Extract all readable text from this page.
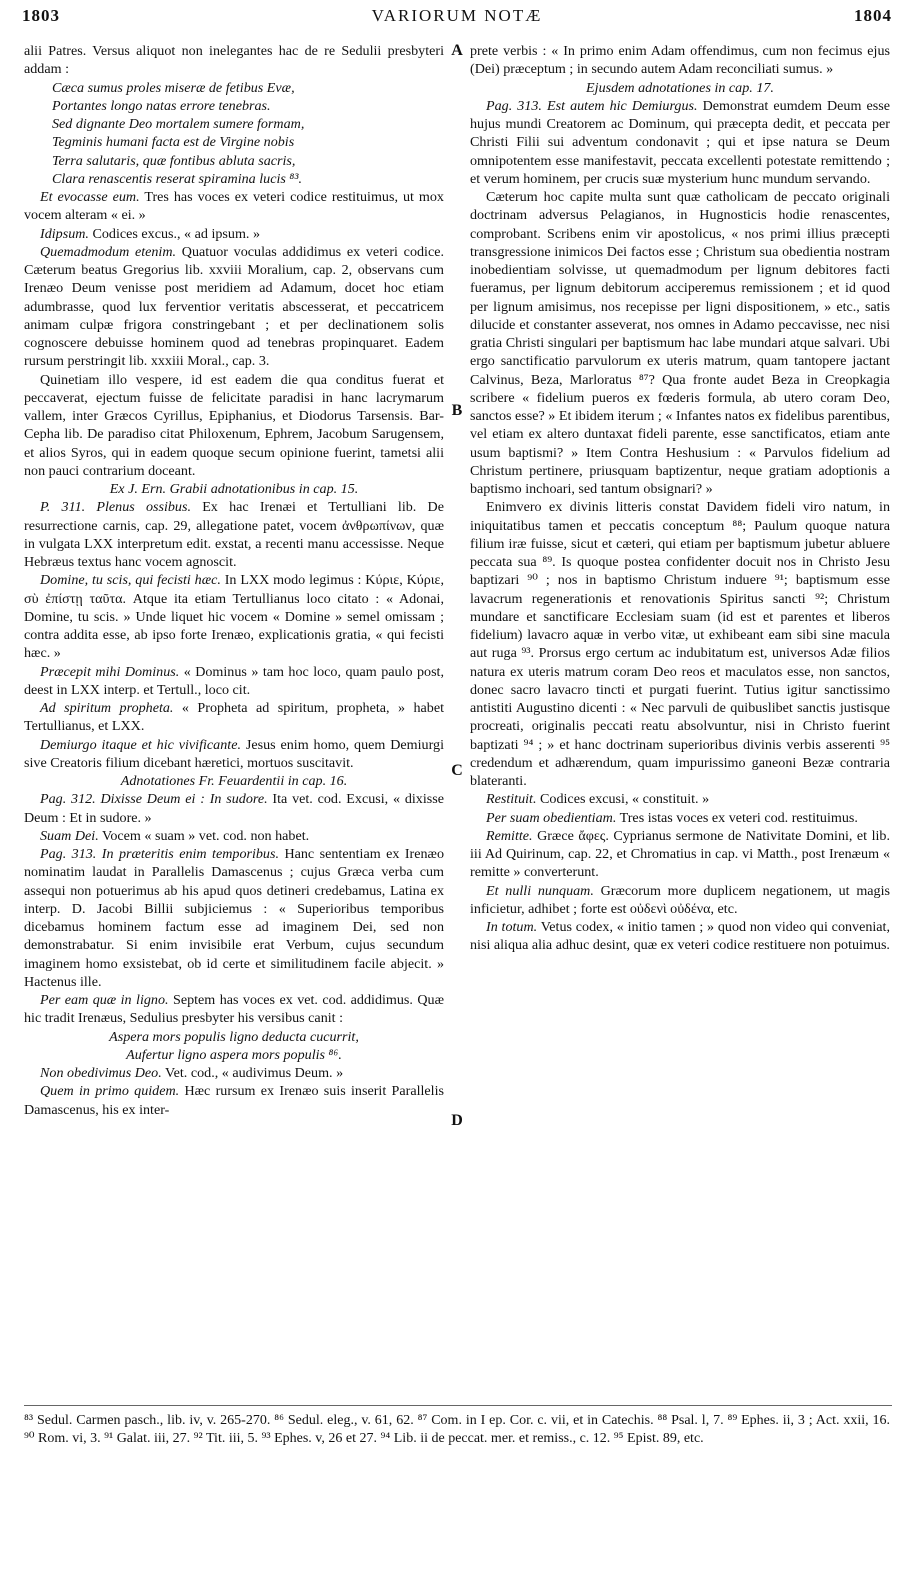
1803	VARIORUM NOTÆ	1804

alii Patres. Versus aliquot non inelegantes hac de re Sedulii presbyteri addam :

Cæca sumus proles miseræ de fetibus Evæ,

Portantes longo natas errore tenebras.

Sed dignante Deo mortalem sumere formam,

Tegminis humani facta est de Virgine nobis

Terra salutaris, quæ fontibus abluta sacris,

Clara renascentis reserat spiramina lucis ⁸³.

Et evocasse eum. Tres has voces ex veteri codice restituimus, ut mox vocem alteram « ei. »

Idipsum. Codices excus., « ad ipsum. »

Quemadmodum etenim. Quatuor voculas addidimus ex veteri codice. Cæterum beatus Gregorius lib. xxviii Moralium, cap. 2, observans cum Irenæo Deum venisse post meridiem ad Adamum, docet hoc etiam adumbrasse, quod lux ferventior veritatis abscesserat, et peccatricem animam culpæ frigora constringebant ; et per declinationem solis cognoscere debuisse hominem quod ad tenebras propinquaret. Eadem rursum perstringit lib. xxxiii Moral., cap. 3.

Quinetiam illo vespere, id est eadem die qua conditus fuerat et peccaverat, ejectum fuisse de felicitate paradisi in hanc lacrymarum vallem, inter Græcos Cyrillus, Epiphanius, et Diodorus Tarsensis. Bar-Cepha lib. De paradiso citat Philoxenum, Ephrem, Jacobum Sarugensem, et alios Syros, qui in eadem quoque secum opinione fuerint, tametsi alii non pauci contrarium doceant.

Ex J. Ern. Grabii adnotationibus in cap. 15.

P. 311. Plenus ossibus. Ex hac Irenæi et Tertulliani lib. De resurrectione carnis, cap. 29, allegatione patet, vocem ἀνθρωπίνων, quæ in vulgata LXX interpretum edit. exstat, a recenti manu accessisse. Neque Hebræus textus hanc vocem agnoscit.

Domine, tu scis, qui fecisti hæc. In LXX modo legimus : Κύριε, Κύριε, σὺ ἐπίστῃ ταῦτα. Atque ita etiam Tertullianus loco citato : « Adonai, Domine, tu scis. » Unde liquet hic vocem « Domine » semel omissam ; contra addita esse, ab ipso forte Irenæo, explicationis gratia, « qui fecisti hæc. »

Præcepit mihi Dominus. « Dominus » tam hoc loco, quam paulo post, deest in LXX interp. et Tertull., loco cit.

Ad spiritum propheta. « Propheta ad spiritum, propheta, » habet Tertullianus, et LXX.

Demiurgo itaque et hic vivificante. Jesus enim homo, quem Demiurgi sive Creatoris filium dicebant hæretici, mortuos suscitavit.

Adnotationes Fr. Feuardentii in cap. 16.

Pag. 312. Dixisse Deum ei : In sudore. Ita vet. cod. Excusi, « dixisse Deum : Et in sudore. »

Suam Dei. Vocem « suam » vet. cod. non habet.

Pag. 313. In præteritis enim temporibus. Hanc sententiam ex Irenæo nominatim laudat in Parallelis Damascenus ; cujus Græca verba cum assequi non potuerimus ab his apud quos detineri credebamus, Latina ex interp. D. Jacobi Billii subjiciemus : « Superioribus temporibus dicebamus hominem factum esse ad imaginem Dei, sed non demonstrabatur. Si enim invisibile erat Verbum, cujus secundum imaginem homo exsistebat, ob id certe et similitudinem facile abjecit. » Hactenus ille.

Per eam quæ in ligno. Septem has voces ex vet. cod. addidimus. Quæ hic tradit Irenæus, Sedulius presbyter his versibus canit :

Aspera mors populis ligno deducta cucurrit,

Aufertur ligno aspera mors populis ⁸⁶.

Non obedivimus Deo. Vet. cod., « audivimus Deum. »

Quem in primo quidem. Hæc rursum ex Irenæo suis inserit Parallelis Damascenus, his ex inter-

prete verbis : « In primo enim Adam offendimus, cum non fecimus ejus (Dei) præceptum ; in secundo autem Adam reconciliati sumus. »

Ejusdem adnotationes in cap. 17.

Pag. 313. Est autem hic Demiurgus. Demonstrat eumdem Deum esse hujus mundi Creatorem ac Dominum, qui præcepta dedit, et peccata per Christi Filii sui adventum condonavit ; qui et ipse natura se Deum omnipotentem esse manifestavit, peccata excellenti potestate remittendo ; et verum hominem, per crucis suæ mysterium hunc mundum servando.

Cæterum hoc capite multa sunt quæ catholicam de peccato originali doctrinam adversus Pelagianos, in Hugnosticis hodie renascentes, comprobant. Scribens enim vir apostolicus, « nos primi illius præcepti transgressione inimicos Dei factos esse ; Christum sua obedientia nostram inobedientiam solvisse, ut quemadmodum per lignum debitores facti fueramus, per lignum debitorum acciperemus remissionem ; et id quod per lignum amisimus, nos recepisse per ligni dispositionem, » etc., satis dilucide et constanter asseverat, nos omnes in Adamo peccavisse, nec nisi gratia Christi singulari per baptismum hac labe mundari atque salvari. Ubi ergo sanctificatio parvulorum ex uteris matrum, quam tantopere jactant Calvinus, Beza, Marloratus ⁸⁷? Qua fronte audet Beza in Creopkagia scribere « fidelium pueros ex fœderis formula, ab utero coram Deo, sanctos esse? » Et ibidem iterum ; « Infantes natos ex fidelibus parentibus, vel etiam ex altero duntaxat fideli parente, esse sanctificatos, etiam ante usum baptismi? » Item Contra Heshusium : « Parvulos fidelium ad Christum pertinere, priusquam baptizentur, neque gratiam adoptionis a baptismo inchoari, sed tantum obsignari? »

Enimvero ex divinis litteris constat Davidem fideli viro natum, in iniquitatibus tamen et peccatis conceptum ⁸⁸; Paulum quoque natura filium iræ fuisse, sicut et cæteri, qui etiam per baptismum jubetur abluere peccata sua ⁸⁹. Is quoque postea confidenter docuit nos in Christo Jesu baptizari ⁹⁰ ; nos in baptismo Christum induere ⁹¹; baptismum esse lavacrum regenerationis et renovationis Spiritus sancti ⁹²; Christum mundare et sanctificare Ecclesiam suam (id est et parentes et liberos fidelium) lavacro aquæ in verbo vitæ, ut exhibeant eam sibi sine macula aut ruga ⁹³. Prorsus ergo certum ac indubitatum est, universos Adæ filios natura ex uteris matrum coram Deo reos et maculatos esse, non sanctos, donec sacro lavacro tincti et purgati fuerint. Tutius igitur sanctissimo antistiti Augustino dicenti : « Nec parvuli de quibuslibet sanctis justisque procreati, originalis peccati reatu absolvuntur, nisi in Christo fuerint baptizati ⁹⁴ ; » et hanc doctrinam superioribus divinis verbis asserenti ⁹⁵ credendum et adhærendum, quam impurissimo ganeoni Bezæ contraria blateranti.

Restituit. Codices excusi, « constituit. »

Per suam obedientiam. Tres istas voces ex veteri cod. restituimus.

Remitte. Græce ἄφες. Cyprianus sermone de Nativitate Domini, et lib. iii Ad Quirinum, cap. 22, et Chromatius in cap. vi Matth., post Irenæum « remitte » converterunt.

Et nulli nunquam. Græcorum more duplicem negationem, ut magis inficietur, adhibet ; forte est οὐδενὶ οὐδένα, etc.

In totum. Vetus codex, « initio tamen ; » quod non video qui conveniat, nisi aliqua alia adhuc desint, quæ ex veteri codice restituere non potuimus.

A
B
C
D
⁸³ Sedul. Carmen pasch., lib. iv, v. 265-270. ⁸⁶ Sedul. eleg., v. 61, 62. ⁸⁷ Com. in I ep. Cor. c. vii, et in Catechis. ⁸⁸ Psal. l, 7. ⁸⁹ Ephes. ii, 3 ; Act. xxii, 16. ⁹⁰ Rom. vi, 3. ⁹¹ Galat. iii, 27. ⁹² Tit. iii, 5. ⁹³ Ephes. v, 26 et 27. ⁹⁴ Lib. ii de peccat. mer. et remiss., c. 12. ⁹⁵ Epist. 89, etc.
